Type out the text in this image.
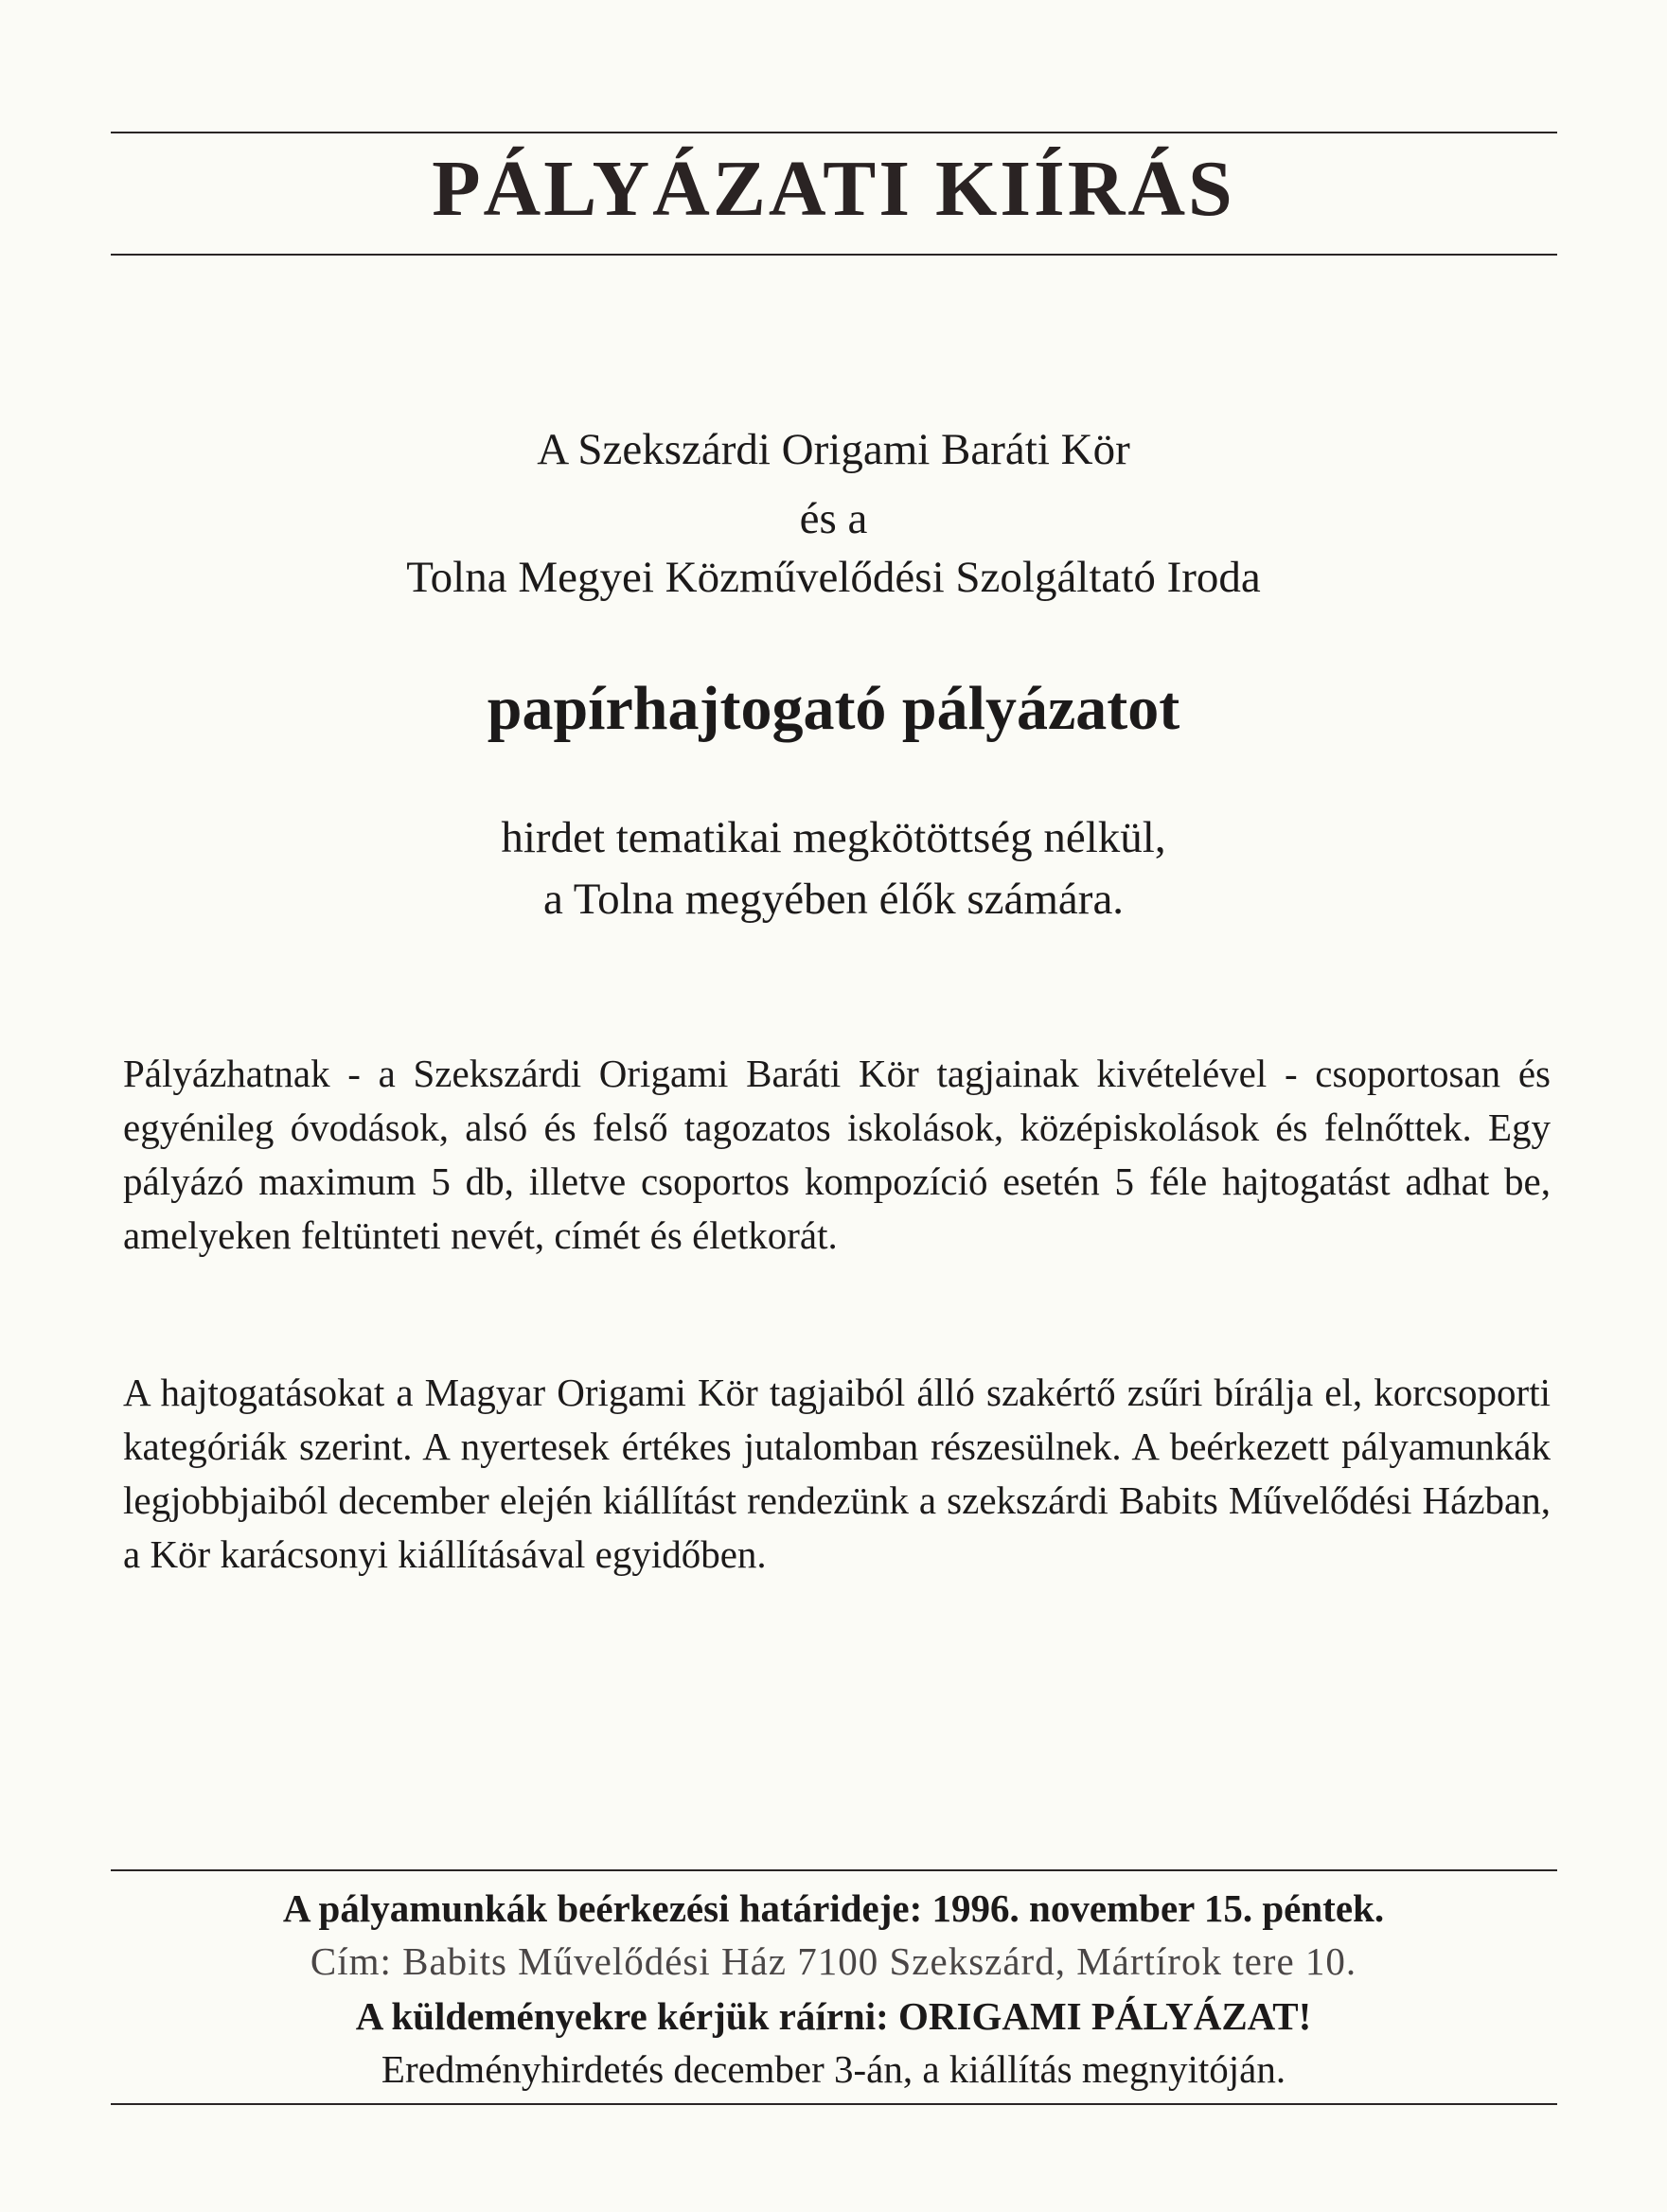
PÁLYÁZATI KIÍRÁS
A Szekszárdi Origami Baráti Kör
és a
Tolna Megyei Közművelődési Szolgáltató Iroda
papírhajtogató pályázatot
hirdet tematikai megkötöttség nélkül,
a Tolna megyében élők számára.

Pályázhatnak - a Szekszárdi Origami Baráti Kör tagjainak kivételével - csoportosan és egyénileg óvodások, alsó és felső tagozatos iskolások, középiskolások és felnőttek. Egy pályázó maximum 5 db, illetve csoportos kompozíció esetén 5 féle hajtogatást adhat be, amelyeken feltünteti nevét, címét és életkorát.

A hajtogatásokat a Magyar Origami Kör tagjaiból álló szakértő zsűri bírálja el, korcsoporti kategóriák szerint. A nyertesek értékes jutalomban részesülnek. A beérkezett pályamunkák legjobbjaiból december elején kiállítást rendezünk a szekszárdi Babits Művelődési Házban, a Kör karácsonyi kiállításával egyidőben.

A pályamunkák beérkezési határideje: 1996. november 15. péntek.
Cím: Babits Művelődési Ház 7100 Szekszárd, Mártírok tere 10.
A küldeményekre kérjük ráírni: ORIGAMI PÁLYÁZAT!
Eredményhirdetés december 3-án, a kiállítás megnyitóján.
